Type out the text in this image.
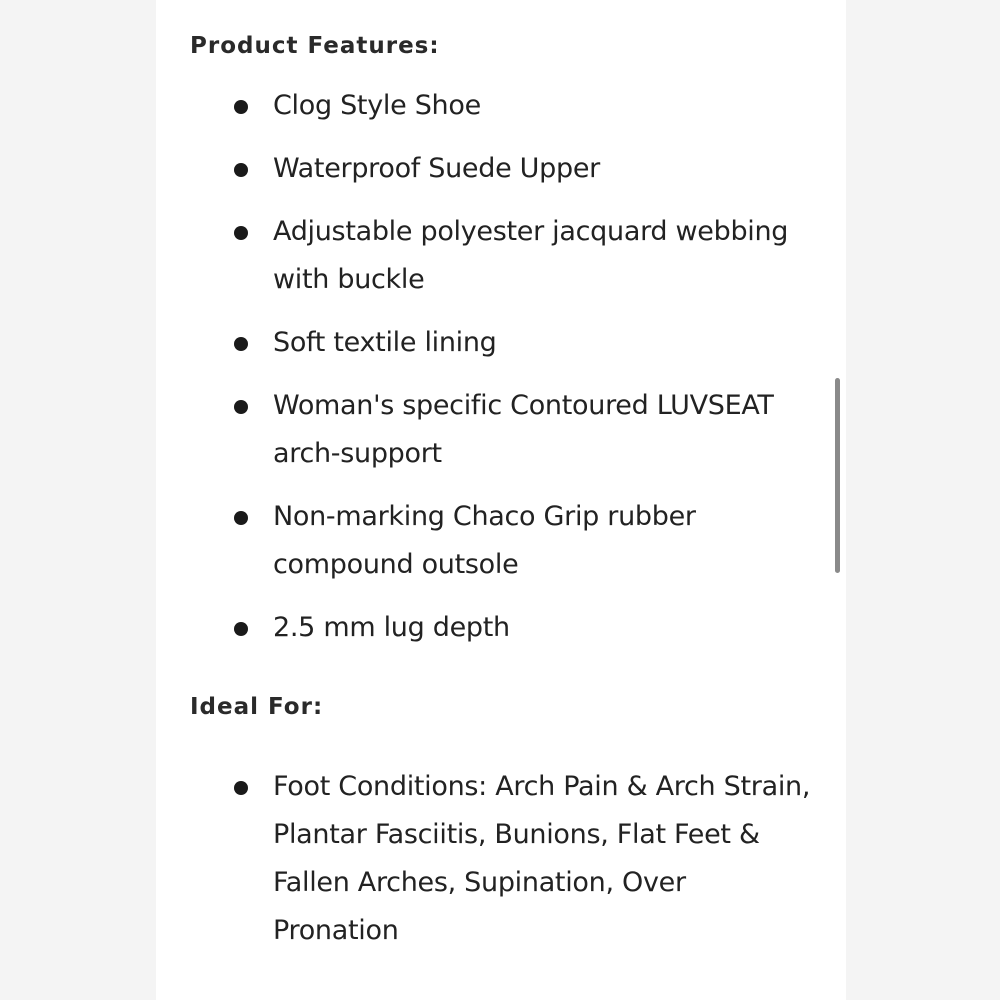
Product Features:
Clog Style Shoe
Waterproof Suede Upper
Adjustable polyester jacquard webbing with buckle
Soft textile lining
Woman's specific Contoured LUVSEAT arch-support
Non-marking Chaco Grip rubber compound outsole
2.5 mm lug depth
Ideal For:
Foot Conditions: Arch Pain & Arch Strain, Plantar Fasciitis, Bunions, Flat Feet & Fallen Arches, Supination, Over Pronation
